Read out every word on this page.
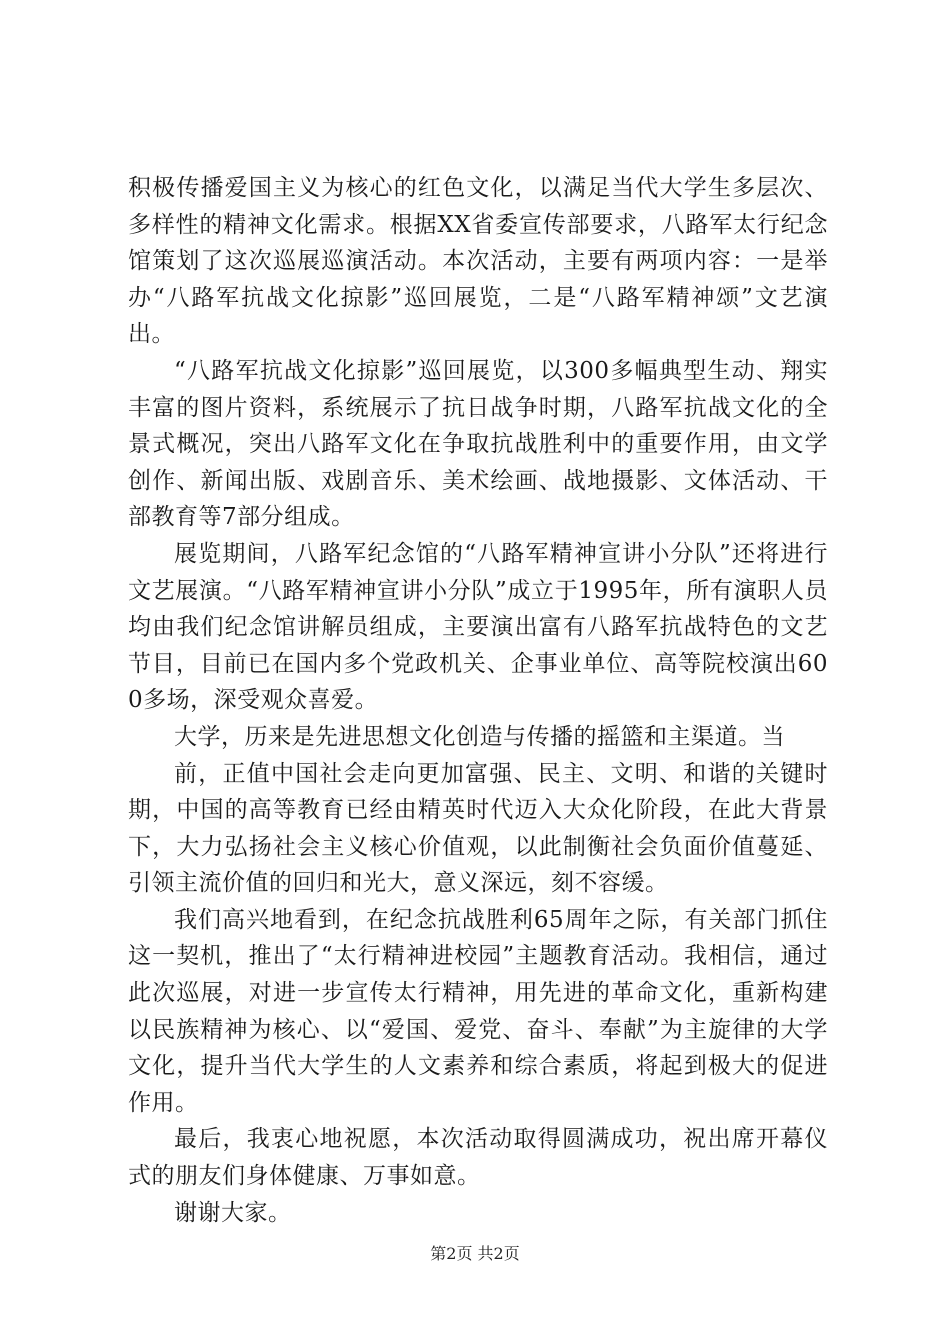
积极传播爱国主义为核心的红色文化，以满足当代大学生多层次、多样性的精神文化需求。根据XX省委宣传部要求，八路军太行纪念馆策划了这次巡展巡演活动。本次活动，主要有两项内容：一是举办“八路军抗战文化掠影”巡回展览，二是“八路军精神颂”文艺演出。

“八路军抗战文化掠影”巡回展览，以300多幅典型生动、翔实丰富的图片资料，系统展示了抗日战争时期，八路军抗战文化的全景式概况，突出八路军文化在争取抗战胜利中的重要作用，由文学创作、新闻出版、戏剧音乐、美术绘画、战地摄影、文体活动、干部教育等7部分组成。

展览期间，八路军纪念馆的“八路军精神宣讲小分队”还将进行文艺展演。“八路军精神宣讲小分队”成立于1995年，所有演职人员均由我们纪念馆讲解员组成，主要演出富有八路军抗战特色的文艺节目，目前已在国内多个党政机关、企事业单位、高等院校演出600多场，深受观众喜爱。

大学，历来是先进思想文化创造与传播的摇篮和主渠道。当

前，正值中国社会走向更加富强、民主、文明、和谐的关键时期，中国的高等教育已经由精英时代迈入大众化阶段，在此大背景下，大力弘扬社会主义核心价值观，以此制衡社会负面价值蔓延、引领主流价值的回归和光大，意义深远，刻不容缓。

我们高兴地看到，在纪念抗战胜利65周年之际，有关部门抓住这一契机，推出了“太行精神进校园”主题教育活动。我相信，通过此次巡展，对进一步宣传太行精神，用先进的革命文化，重新构建以民族精神为核心、以“爱国、爱党、奋斗、奉献”为主旋律的大学文化，提升当代大学生的人文素养和综合素质，将起到极大的促进作用。

最后，我衷心地祝愿，本次活动取得圆满成功，祝出席开幕仪式的朋友们身体健康、万事如意。

谢谢大家。

第2页 共2页
